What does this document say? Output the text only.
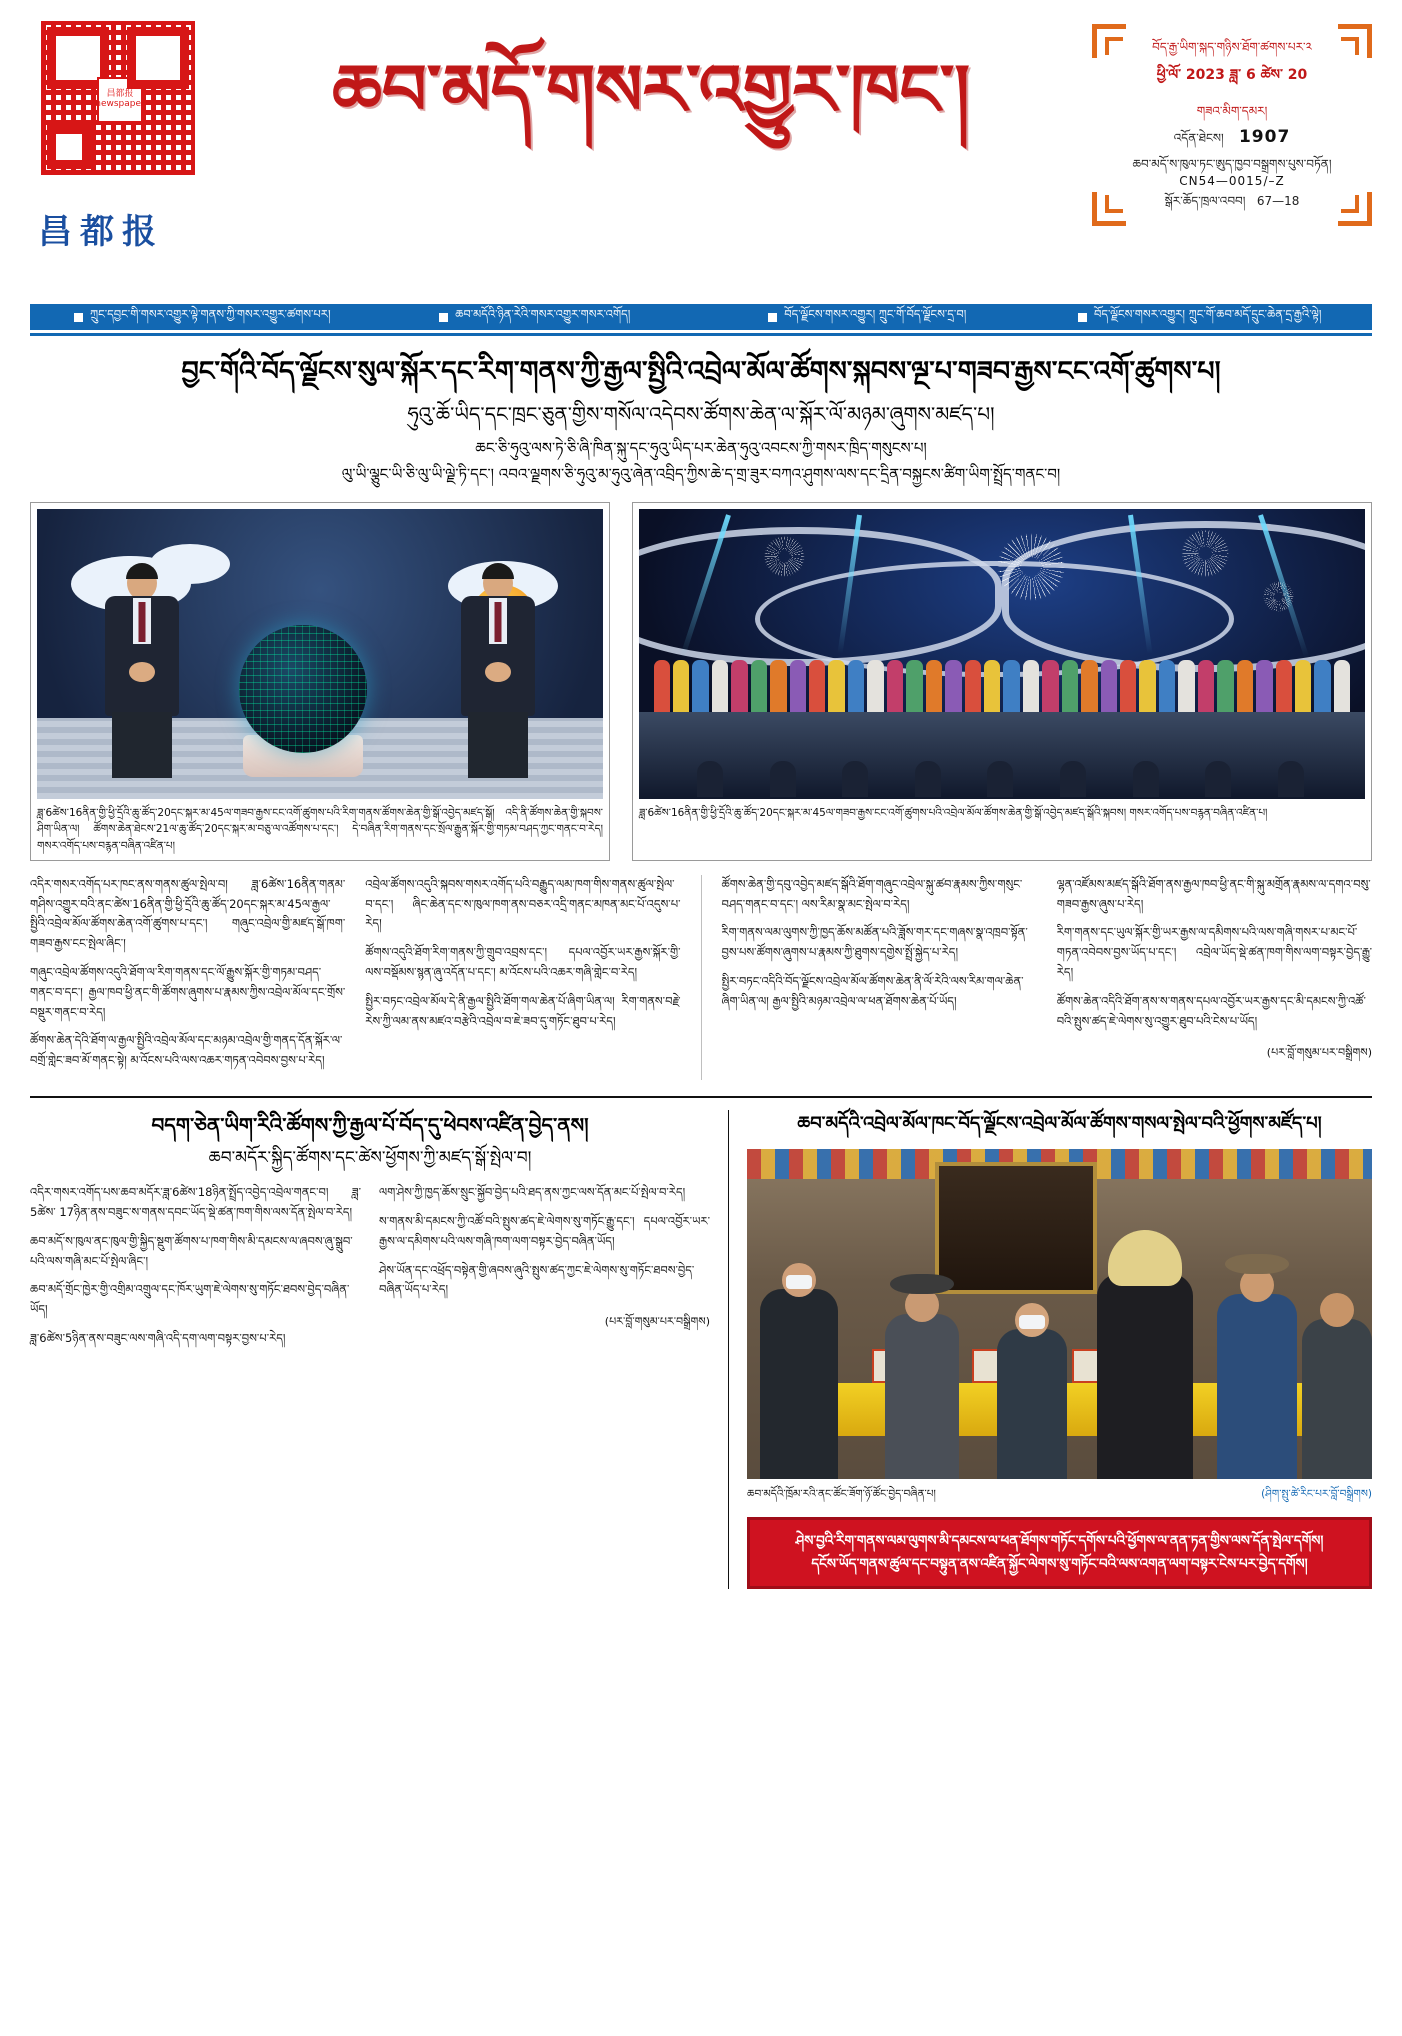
昌都报 newspaper
昌都报
ཆབ་མདོ་གསར་འགྱུར་ཁང་།
བོད་རྒྱ་ཡིག་སྐད་གཉིས་ཐོག་ཚགས་པར་༢
ཕྱི་ལོ་ 2023 ཟླ་ 6 ཚེས་ 20
གཟའ་མིག་དམར།
འདོན་ཐེངས། 1907
ཆབ་མདོ་ས་ཁུལ་ཏང་ཨུད་ཁྱབ་བསྒྲགས་པུས་བཏོན།
CN54—0015/–Z
སྒོར་ཆོད་ཁྲལ་འབབ། 67—18
ཀྲུང་དབྱང་གི་གསར་འགྱུར་ལྟེ་གནས་ཀྱི་གསར་འགྱུར་ཚགས་པར།	ཆབ་མདོའི་ཉིན་རེའི་གསར་འགྱུར་གསར་འགོད།	བོད་ལྗོངས་གསར་འགྱུར། ཀྲུང་གོ་བོད་ལྗོངས་དྲ་བ།	བོད་ལྗོངས་གསར་འགྱུར། ཀྲུང་གོ་ཆབ་མདོ་དྲུང་ཆེན་དྲ་རྒྱའི་ལྟེ།
བྱང་གོའི་བོད་ལྗོངས་སུལ་སྐོར་དང་རིག་གནས་ཀྱི་རྒྱལ་སྤྱིའི་འབྲེལ་མོལ་ཚོགས་སྐབས་ལྔ་པ་གཟབ་རྒྱས་ངང་འགོ་ཚུགས་པ།
ཧུའུ་ཆོ་ཡིད་དང་ཁྲང་ཅུན་གྱིས་གསོལ་འདེབས་ཚོགས་ཆེན་ལ་སྐོར་ལོ་མཉམ་ཞུགས་མཛད་པ།
ཆང་ཅི་ཧུའུ་ལས་ཏེ་ཅི་ཞི་ཁིན་སྐུ་དང་ཧུའུ་ཡིད་པར་ཆེན་ཧུའུ་འབངས་ཀྱི་གསར་ཁྲིད་གསུངས་པ།
ལུ་ཡི་ལྕུང་ཡི་ཅི་ལུ་ཡི་ལྗེ་ཏི་དང་། འབའ་ལྗགས་ཅི་ཧུའུ་མ་ཧུའུ་ཞེན་འབྲིད་ཀྱིས་ཆེ་ད་གྲ་ཟུར་བཀའ་ཤུགས་ལས་དང་དྲིན་བསྐྱངས་ཚིག་ཡིག་སྤྲོད་གནང་བ།
ཟླ་6ཚེས་16ནིན་གྱི་ཕྱི་དྲོའི་ཆུ་ཚོད་20དང་སྐར་མ་45ལ་གཟབ་རྒྱས་ངང་འགོ་ཚུགས་པའི་རིག་གནས་ཚོགས་ཆེན་གྱི་སྒོ་འབྱེད་མཛད་སྒོ། འདི་ནི་ཚོགས་ཆེན་གྱི་སྐབས་ཤིག་ཡིན་ལ། ཚོགས་ཆེན་ཐེངས་21ལ་ཆུ་ཚོད་20དང་སྐར་མ་བཅུ་ལ་འཚོགས་པ་དང་། དེ་བཞིན་རིག་གནས་དང་སྲོལ་རྒྱུན་སྐོར་གྱི་གཏམ་བཤད་ཀྱང་གནང་བ་རེད། གསར་འགོད་པས་བརྙན་བཞིན་འཛིན་པ།
ཟླ་6ཚེས་16ནིན་གྱི་ཕྱི་དྲོའི་ཆུ་ཚོད་20དང་སྐར་མ་45ལ་གཟབ་རྒྱས་ངང་འགོ་ཚུགས་པའི་འབྲེལ་མོལ་ཚོགས་ཆེན་གྱི་སྒོ་འབྱེད་མཛད་སྒོའི་སྐབས། གསར་འགོད་པས་བརྙན་བཞིན་འཛིན་པ།

འདིར་གསར་འགོད་པར་ཁང་ནས་གནས་ཚུལ་སྤེལ་བ། ཟླ་6ཚེས་16ནིན་གནམ་གཤིས་འགྱུར་བའི་ནང་ཚེས་16ནིན་གྱི་ཕྱི་དྲོའི་ཆུ་ཚོད་20དང་སྐར་མ་45ལ་རྒྱལ་སྤྱིའི་འབྲེལ་མོལ་ཚོགས་ཆེན་འགོ་ཚུགས་པ་དང་། གཞུང་འབྲེལ་གྱི་མཛད་སྒོ་ཁག་གཟབ་རྒྱས་ངང་སྤེལ་ཞིང་།

གཞུང་འབྲེལ་ཚོགས་འདུའི་ཐོག་ལ་རིག་གནས་དང་ལོ་རྒྱུས་སྐོར་གྱི་གཏམ་བཤད་གནང་བ་དང་། རྒྱལ་ཁབ་ཕྱི་ནང་གི་ཚོགས་ཞུགས་པ་རྣམས་ཀྱིས་འབྲེལ་མོལ་དང་གྲོས་བསྡུར་གནང་བ་རེད།

ཚོགས་ཆེན་དེའི་ཐོག་ལ་རྒྱལ་སྤྱིའི་འབྲེལ་མོལ་དང་མཉམ་འབྲེལ་གྱི་གནད་དོན་སྐོར་ལ་བགྲོ་གླེང་ཟབ་མོ་གནང་སྟེ། མ་འོངས་པའི་ལས་འཆར་གཏན་འབེབས་བྱས་པ་རེད།

འབྲེལ་ཚོགས་འདུའི་སྐབས་གསར་འགོད་པའི་བརྒྱུད་ལམ་ཁག་གིས་གནས་ཚུལ་སྤེལ་བ་དང་། ཞིང་ཆེན་དང་ས་ཁུལ་ཁག་ནས་བཅར་འདྲི་གནང་མཁན་མང་པོ་འདུས་པ་རེད།

ཚོགས་འདུའི་ཐོག་རིག་གནས་ཀྱི་གྲུབ་འབྲས་དང་། དཔལ་འབྱོར་ཡར་རྒྱས་སྐོར་གྱི་ལས་བསྡོམས་སྙན་ཞུ་འདོན་པ་དང་། མ་འོངས་པའི་འཆར་གཞི་གླེང་བ་རེད།

སྤྱིར་བཏང་འབྲེལ་མོལ་དེ་ནི་རྒྱལ་སྤྱིའི་ཐོག་གལ་ཆེན་པོ་ཞིག་ཡིན་ལ། རིག་གནས་བརྗེ་རེས་ཀྱི་ལམ་ནས་མཛའ་བརྩེའི་འབྲེལ་བ་ཇེ་ཟབ་དུ་གཏོང་ཐུབ་པ་རེད།

ཚོགས་ཆེན་གྱི་དབུ་འབྱེད་མཛད་སྒོའི་ཐོག་གཞུང་འབྲེལ་སྐུ་ཚབ་རྣམས་ཀྱིས་གསུང་བཤད་གནང་བ་དང་། ལས་རིམ་སྣ་མང་སྤེལ་བ་རེད།

རིག་གནས་ལམ་ལུགས་ཀྱི་ཁྱད་ཆོས་མཚོན་པའི་ཟློས་གར་དང་གཞས་སྣ་འཁྲབ་སྟོན་བྱས་པས་ཚོགས་ཞུགས་པ་རྣམས་ཀྱི་ཐུགས་དགྱེས་སྤྲོ་སྐྱེད་པ་རེད།

སྤྱིར་བཏང་འདིའི་བོད་ལྗོངས་འབྲེལ་མོལ་ཚོགས་ཆེན་ནི་ལོ་རེའི་ལས་རིམ་གལ་ཆེན་ཞིག་ཡིན་ལ། རྒྱལ་སྤྱིའི་མཉམ་འབྲེལ་ལ་ཕན་ཐོགས་ཆེན་པོ་ཡོད།

ལྷན་འཛོམས་མཛད་སྒོའི་ཐོག་ནས་རྒྱལ་ཁབ་ཕྱི་ནང་གི་སྐུ་མགྲོན་རྣམས་ལ་དགའ་བསུ་གཟབ་རྒྱས་ཞུས་པ་རེད།

རིག་གནས་དང་ཡུལ་སྐོར་གྱི་ཡར་རྒྱས་ལ་དམིགས་པའི་ལས་གཞི་གསར་པ་མང་པོ་གཏན་འབེབས་བྱས་ཡོད་པ་དང་། འབྲེལ་ཡོད་སྡེ་ཚན་ཁག་གིས་ལག་བསྟར་བྱེད་རྒྱུ་རེད།

ཚོགས་ཆེན་འདིའི་ཐོག་ནས་ས་གནས་དཔལ་འབྱོར་ཡར་རྒྱས་དང་མི་དམངས་ཀྱི་འཚོ་བའི་སྤུས་ཚད་ཇེ་ལེགས་སུ་འགྱུར་ཐུབ་པའི་ངེས་པ་ཡོད།

(པར་བློ་གསུམ་པར་བསྒྲིགས)
བདག་ཅེན་ཡིག་རིའི་ཚོགས་ཀྱི་རྒྱལ་པོ་བོད་དུ་ཕེབས་འཛིན་བྱེད་ནས།
ཆབ་མདོར་སྐྱིད་ཚོགས་དང་ཚེས་ཕྱོགས་ཀྱི་མཛད་སྒོ་སྤེལ་བ།

འདིར་གསར་འགོད་པས་ཆབ་མདོར་ཟླ་6ཚེས་18ཉིན་སྤྲོད་འབྱེད་འབྲེལ་གནང་བ། ཟླ་5ཚེས་ 17ཉིན་ནས་བཟུང་ས་གནས་དབང་ཡོད་སྡེ་ཚན་ཁག་གིས་ལས་དོན་སྤེལ་བ་རེད།

ཆབ་མདོ་ས་ཁུལ་ནང་ཁུལ་གྱི་སྐྱིད་སྡུག་ཚོགས་པ་ཁག་གིས་མི་དམངས་ལ་ཞབས་ཞུ་སྒྲུབ་པའི་ལས་གཞི་མང་པོ་སྤེལ་ཞིང་།

ཆབ་མདོ་གྲོང་ཁྱེར་གྱི་འགྲིམ་འགྲུལ་དང་ཁོར་ཡུག་ཇེ་ལེགས་སུ་གཏོང་ཐབས་བྱེད་བཞིན་ཡོད།

ཟླ་6ཚེས་5ཉིན་ནས་བཟུང་ལས་གཞི་འདི་དག་ལག་བསྟར་བྱས་པ་རེད།

ལག་ཤེས་ཀྱི་ཁྱད་ཆོས་སྲུང་སྐྱོབ་བྱེད་པའི་ཐད་ནས་ཀྱང་ལས་དོན་མང་པོ་སྤེལ་བ་རེད།

ས་གནས་མི་དམངས་ཀྱི་འཚོ་བའི་སྤུས་ཚད་ཇེ་ལེགས་སུ་གཏོང་རྒྱུ་དང་། དཔལ་འབྱོར་ཡར་རྒྱས་ལ་དམིགས་པའི་ལས་གཞི་ཁག་ལག་བསྟར་བྱེད་བཞིན་ཡོད།

ཤེས་ཡོན་དང་འཕྲོད་བསྟེན་གྱི་ཞབས་ཞུའི་སྤུས་ཚད་ཀྱང་ཇེ་ལེགས་སུ་གཏོང་ཐབས་བྱེད་བཞིན་ཡོད་པ་རེད།

(པར་བློ་གསུམ་པར་བསྒྲིགས)
ཆབ་མདོའི་འབྲེལ་མོལ་ཁང་བོད་ལྗོངས་འབྲེལ་མོལ་ཚོགས་གསལ་སྤེལ་བའི་ཕྱོགས་མཛོད་པ།
(ཤིག་སྤུ་ཚེ་རིང་པར་བློ་བསྒྲིགས)
ཆབ་མདོའི་ཁྲོམ་རའི་ནང་ཚོང་ཟོག་ཉོ་ཚོང་བྱེད་བཞིན་པ།
ཤེས་བྱའི་རིག་གནས་ལམ་ལུགས་མི་དམངས་ལ་ཕན་ཐོགས་གཏོང་དགོས་པའི་ཕྱོགས་ལ་ནན་ཏན་གྱིས་ལས་དོན་སྤེལ་དགོས།
དངོས་ཡོད་གནས་ཚུལ་དང་བསྟུན་ནས་འཛིན་སྐྱོང་ལེགས་སུ་གཏོང་བའི་ལས་འགན་ལག་བསྟར་ངེས་པར་བྱེད་དགོས།
